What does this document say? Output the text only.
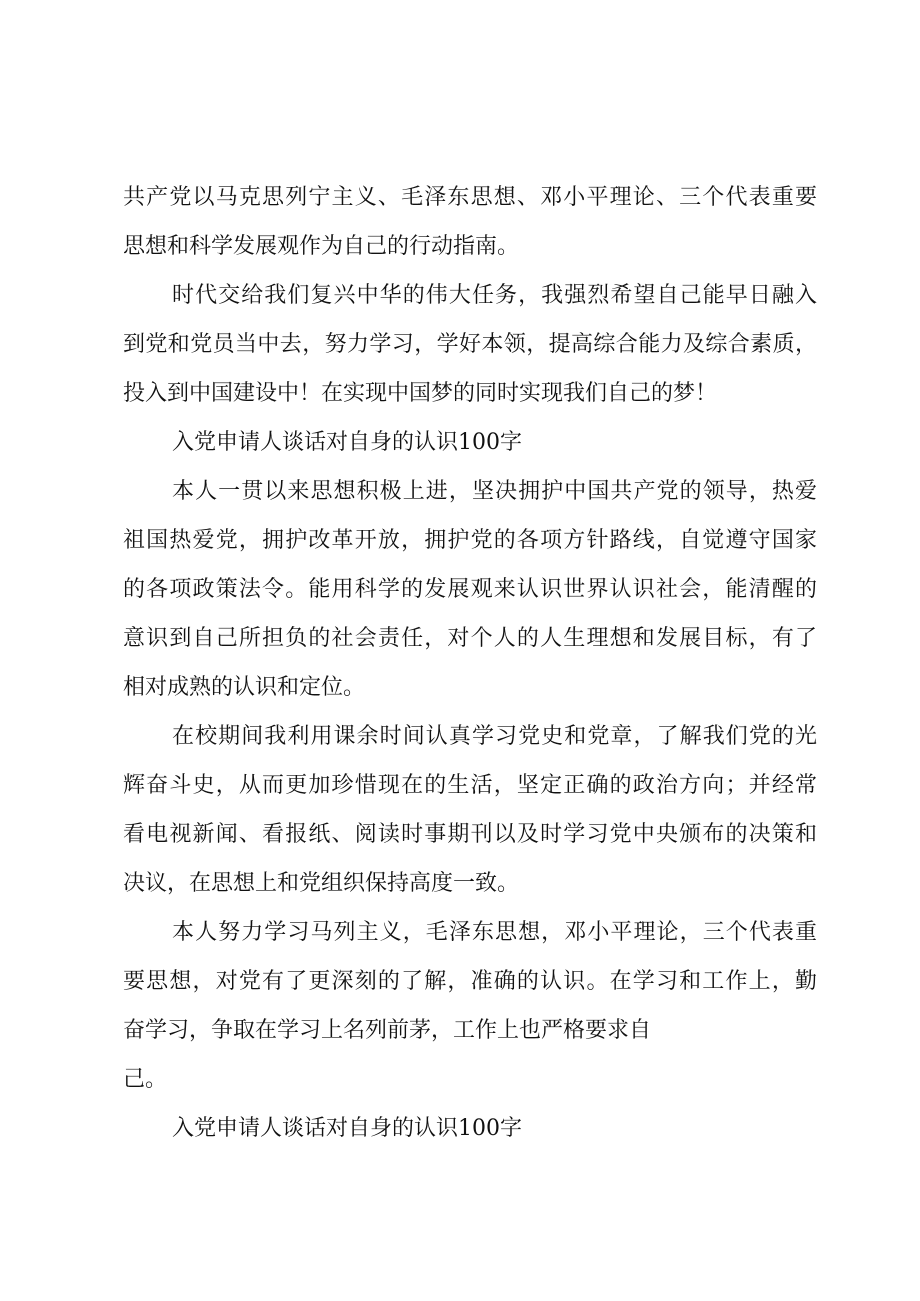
共产党以马克思列宁主义、毛泽东思想、邓小平理论、三个代表重要

思想和科学发展观作为自己的行动指南。

时代交给我们复兴中华的伟大任务，我强烈希望自己能早日融入

到党和党员当中去，努力学习，学好本领，提高综合能力及综合素质，

投入到中国建设中！在实现中国梦的同时实现我们自己的梦！

入党申请人谈话对自身的认识100字

本人一贯以来思想积极上进，坚决拥护中国共产党的领导，热爱

祖国热爱党，拥护改革开放，拥护党的各项方针路线，自觉遵守国家

的各项政策法令。能用科学的发展观来认识世界认识社会，能清醒的

意识到自己所担负的社会责任，对个人的人生理想和发展目标，有了

相对成熟的认识和定位。

在校期间我利用课余时间认真学习党史和党章，了解我们党的光

辉奋斗史，从而更加珍惜现在的生活，坚定正确的政治方向；并经常

看电视新闻、看报纸、阅读时事期刊以及时学习党中央颁布的决策和

决议，在思想上和党组织保持高度一致。

本人努力学习马列主义，毛泽东思想，邓小平理论，三个代表重

要思想，对党有了更深刻的了解，准确的认识。在学习和工作上，勤

奋学习，争取在学习上名列前茅，工作上也严格要求自

己。

入党申请人谈话对自身的认识100字
